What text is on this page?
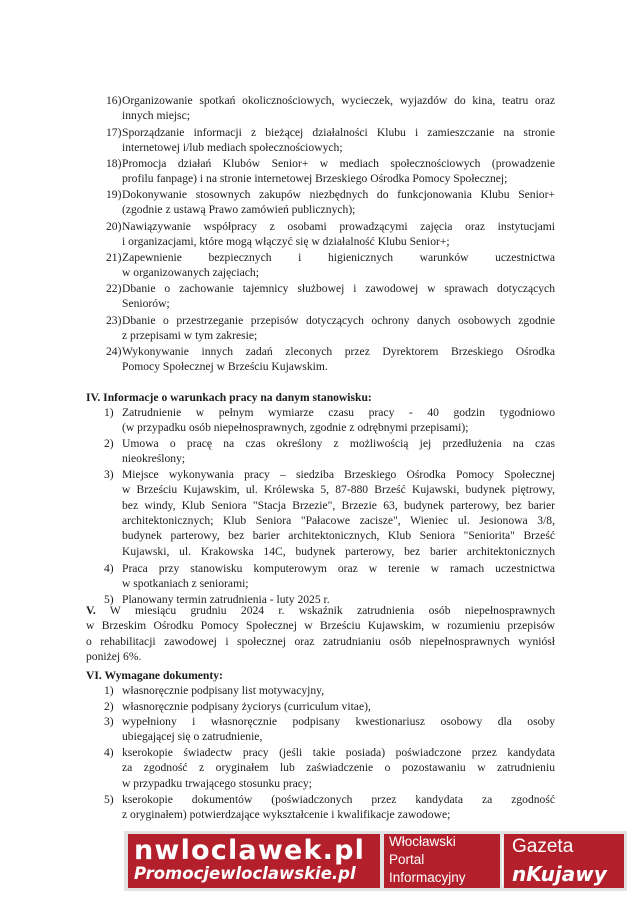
16) Organizowanie spotkań okolicznościowych, wycieczek, wyjazdów do kina, teatru oraz
innych miejsc;
17) Sporządzanie informacji z bieżącej działalności Klubu i zamieszczanie na stronie
internetowej i/lub mediach społecznościowych;
18) Promocja działań Klubów Senior+ w mediach społecznościowych (prowadzenie
profilu fanpage) i na stronie internetowej Brzeskiego Ośrodka Pomocy Społecznej;
19) Dokonywanie stosownych zakupów niezbędnych do funkcjonowania Klubu Senior+
(zgodnie z ustawą Prawo zamówień publicznych);
20) Nawiązywanie współpracy z osobami prowadzącymi zajęcia oraz instytucjami
i organizacjami, które mogą włączyć się w działalność Klubu Senior+;
21) Zapewnienie bezpiecznych i higienicznych warunków uczestnictwa
w organizowanych zajęciach;
22) Dbanie o zachowanie tajemnicy służbowej i zawodowej w sprawach dotyczących
Seniorów;
23) Dbanie o przestrzeganie przepisów dotyczących ochrony danych osobowych zgodnie
z przepisami w tym zakresie;
24) Wykonywanie innych zadań zleconych przez Dyrektorem Brzeskiego Ośrodka
Pomocy Społecznej w Brześciu Kujawskim.
IV. Informacje o warunkach pracy na danym stanowisku:
1) Zatrudnienie w pełnym wymiarze czasu pracy - 40 godzin tygodniowo
(w przypadku osób niepełnosprawnych, zgodnie z odrębnymi przepisami);
2) Umowa o pracę na czas określony z możliwością jej przedłużenia na czas
nieokreślony;
3) Miejsce wykonywania pracy – siedziba Brzeskiego Ośrodka Pomocy Społecznej
w Brześciu Kujawskim, ul. Królewska 5, 87-880 Brześć Kujawski, budynek piętrowy,
bez windy, Klub Seniora "Stacja Brzezie", Brzezie 63, budynek parterowy, bez barier
architektonicznych; Klub Seniora "Pałacowe zacisze", Wieniec ul. Jesionowa 3/8,
budynek parterowy, bez barier architektonicznych, Klub Seniora "Seniorita" Brześć
Kujawski, ul. Krakowska 14C, budynek parterowy, bez barier architektonicznych
4) Praca przy stanowisku komputerowym oraz w terenie w ramach uczestnictwa
w spotkaniach z seniorami;
5) Planowany termin zatrudnienia - luty 2025 r.
V. W miesiącu grudniu 2024 r. wskaźnik zatrudnienia osób niepełnosprawnych
w Brzeskim Ośrodku Pomocy Społecznej w Brześciu Kujawskim, w rozumieniu przepisów
o rehabilitacji zawodowej i społecznej oraz zatrudnianiu osób niepełnosprawnych wyniósł
poniżej 6%.
VI. Wymagane dokumenty:
1) własnoręcznie podpisany list motywacyjny,
2) własnoręcznie podpisany życiorys (curriculum vitae),
3) wypełniony i własnoręcznie podpisany kwestionariusz osobowy dla osoby
ubiegającej się o zatrudnienie,
4) kserokopie świadectw pracy (jeśli takie posiada) poświadczone przez kandydata
za zgodność z oryginałem lub zaświadczenie o pozostawaniu w zatrudnieniu
w przypadku trwającego stosunku pracy;
5) kserokopie dokumentów (poświadczonych przez kandydata za zgodność
z oryginałem) potwierdzające wykształcenie i kwalifikacje zawodowe;
nwloclawek.pl
Promocjewloclawskie.pl
Włocławski
Portal
Informacyjny
Gazeta
nKujawy
